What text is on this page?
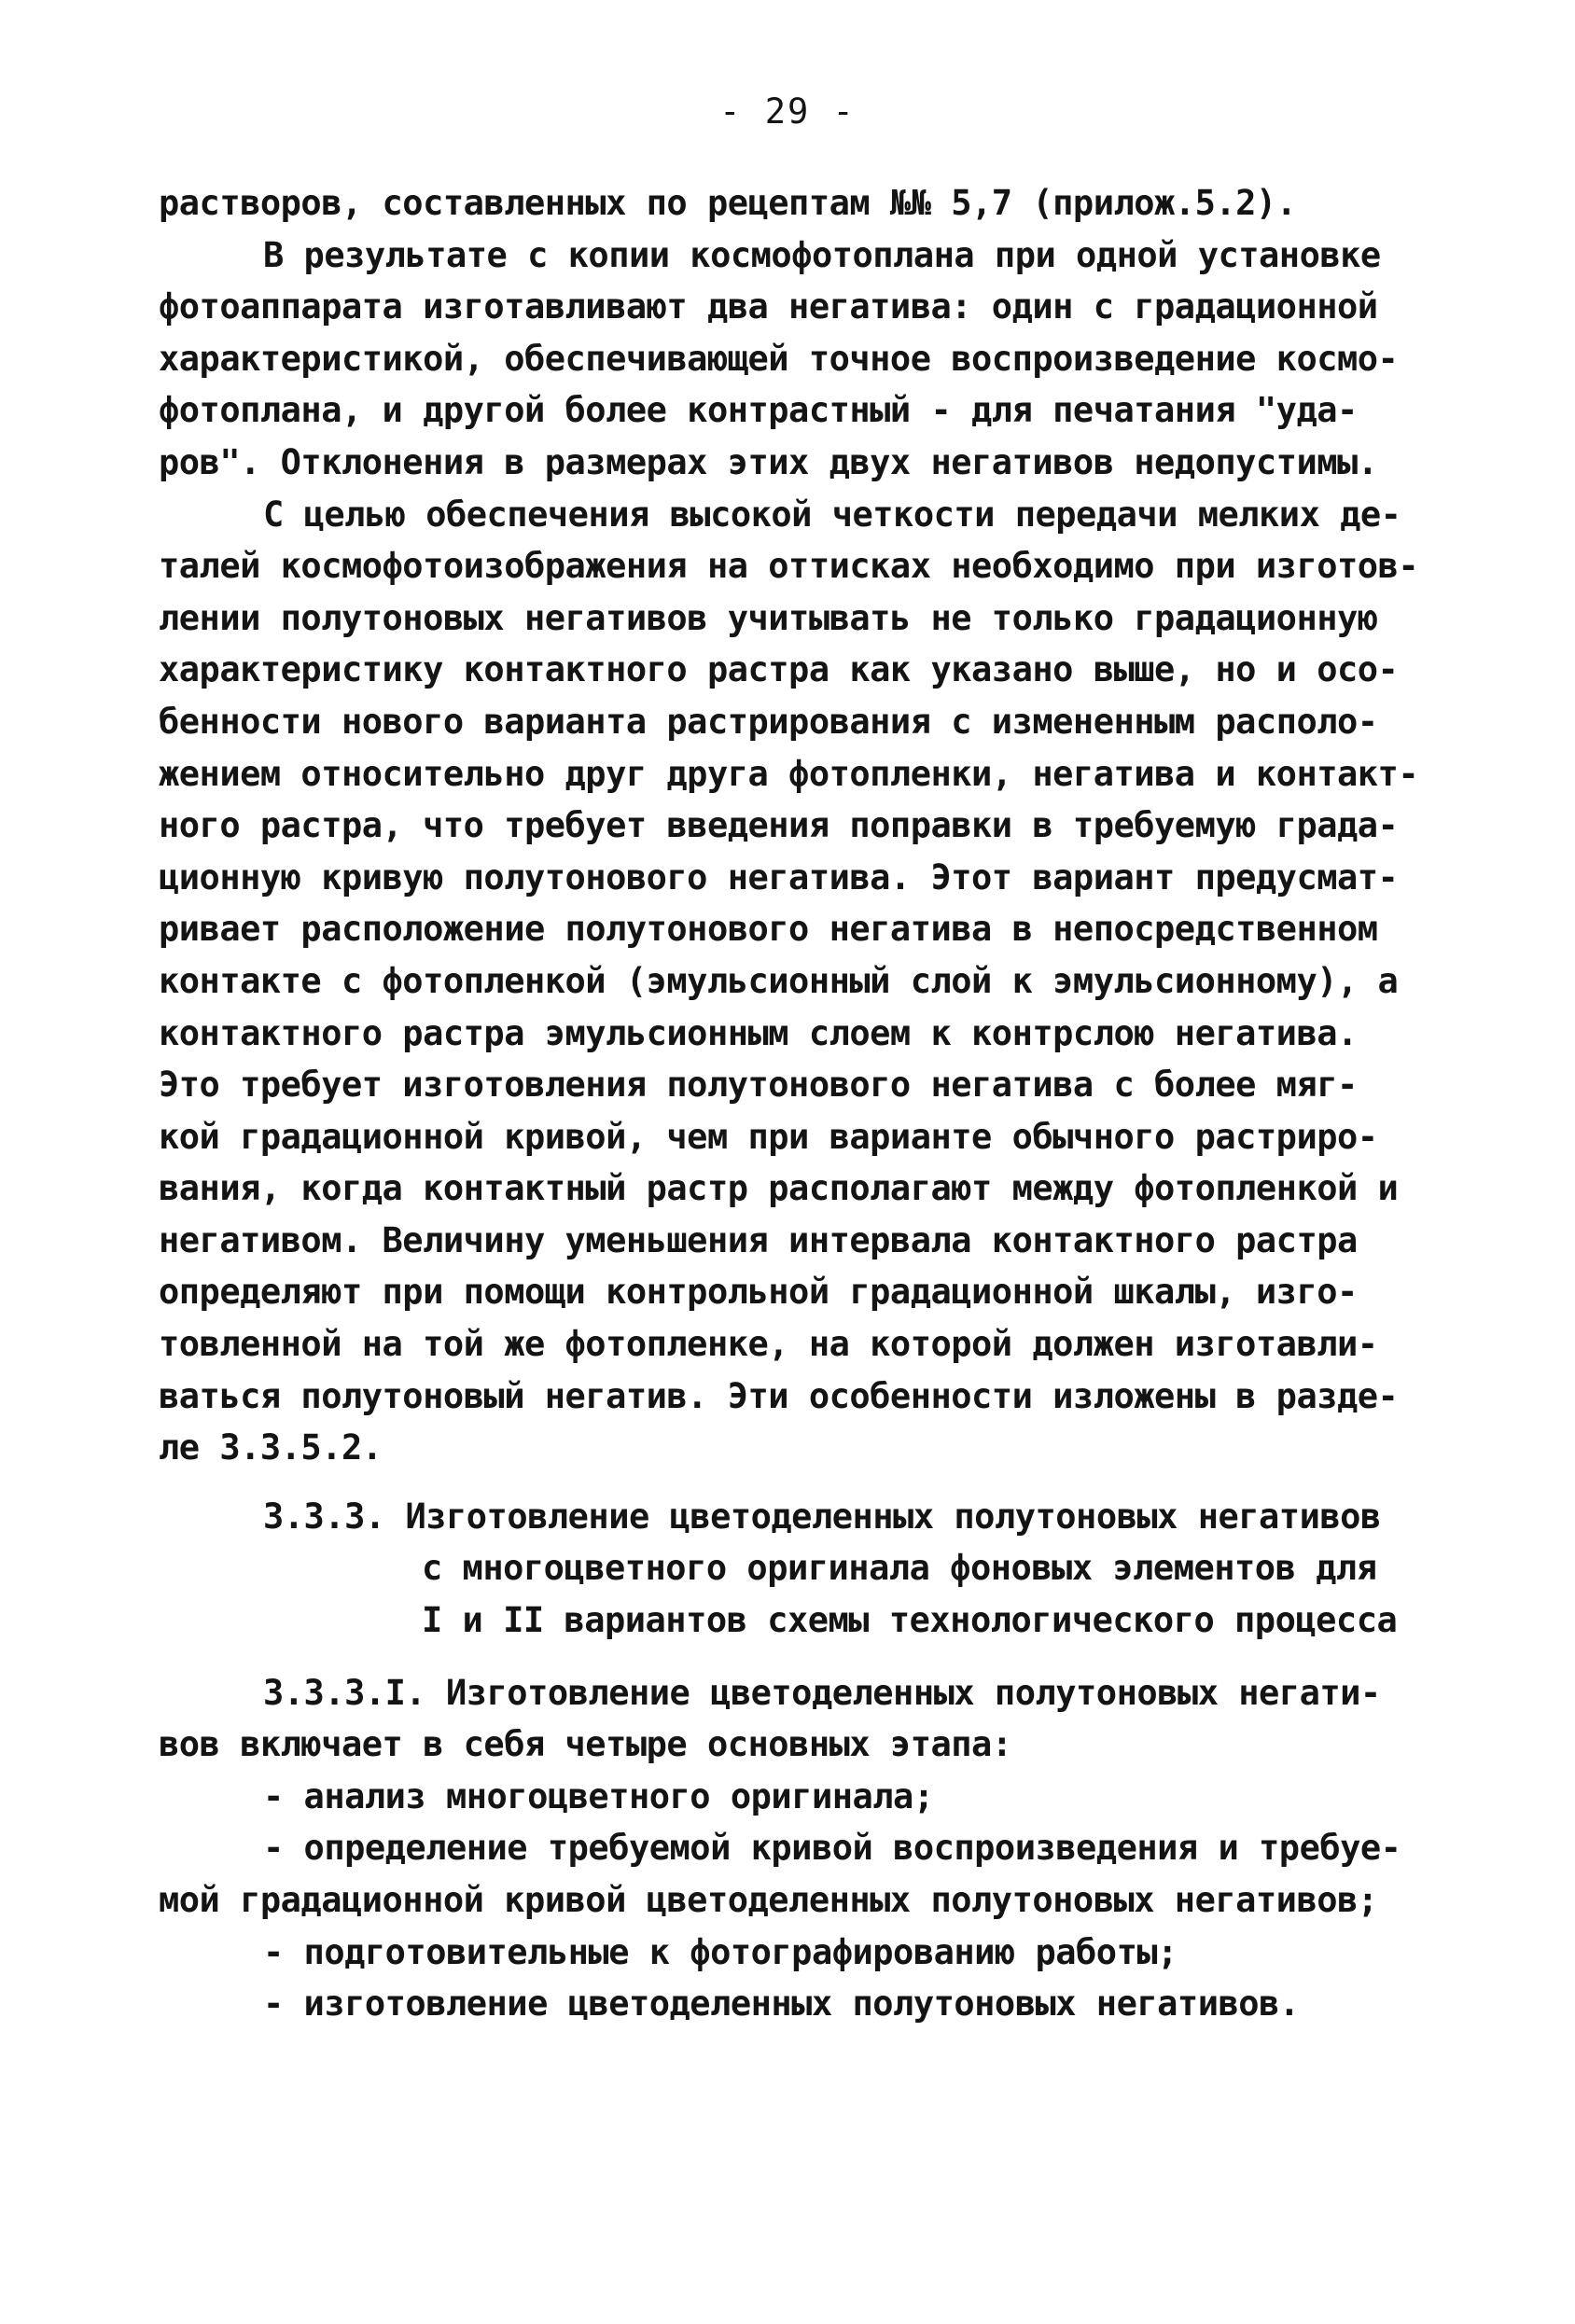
- 29 -
растворов, составленных по рецептам №№ 5,7 (прилож.5.2).
В результате с копии космофотоплана при одной установке
фотоаппарата изготавливают два негатива: один с градационной
характеристикой, обеспечивающей точное воспроизведение космо-
фотоплана, и другой более контрастный - для печатания "уда-
ров". Отклонения в размерах этих двух негативов недопустимы.
С целью обеспечения высокой четкости передачи мелких де-
талей космофотоизображения на оттисках необходимо при изготов-
лении полутоновых негативов учитывать не только градационную
характеристику контактного растра как указано выше, но и осо-
бенности нового варианта растрирования с измененным располо-
жением относительно друг друга фотопленки, негатива и контакт-
ного растра, что требует введения поправки в требуемую града-
ционную кривую полутонового негатива. Этот вариант предусмат-
ривает расположение полутонового негатива в непосредственном
контакте с фотопленкой (эмульсионный слой к эмульсионному), а
контактного растра эмульсионным слоем к контрслою негатива.
Это требует изготовления полутонового негатива с более мяг-
кой градационной кривой, чем при варианте обычного растриро-
вания, когда контактный растр располагают между фотопленкой и
негативом. Величину уменьшения интервала контактного растра
определяют при помощи контрольной градационной шкалы, изго-
товленной на той же фотопленке, на которой должен изготавли-
ваться полутоновый негатив. Эти особенности изложены в разде-
ле 3.3.5.2.
3.3.3. Изготовление цветоделенных полутоновых негативов
с многоцветного оригинала фоновых элементов для
I и II вариантов схемы технологического процесса
3.3.3.I. Изготовление цветоделенных полутоновых негати-
вов включает в себя четыре основных этапа:
- анализ многоцветного оригинала;
- определение требуемой кривой воспроизведения и требуе-
мой градационной кривой цветоделенных полутоновых негативов;
- подготовительные к фотографированию работы;
- изготовление цветоделенных полутоновых негативов.
